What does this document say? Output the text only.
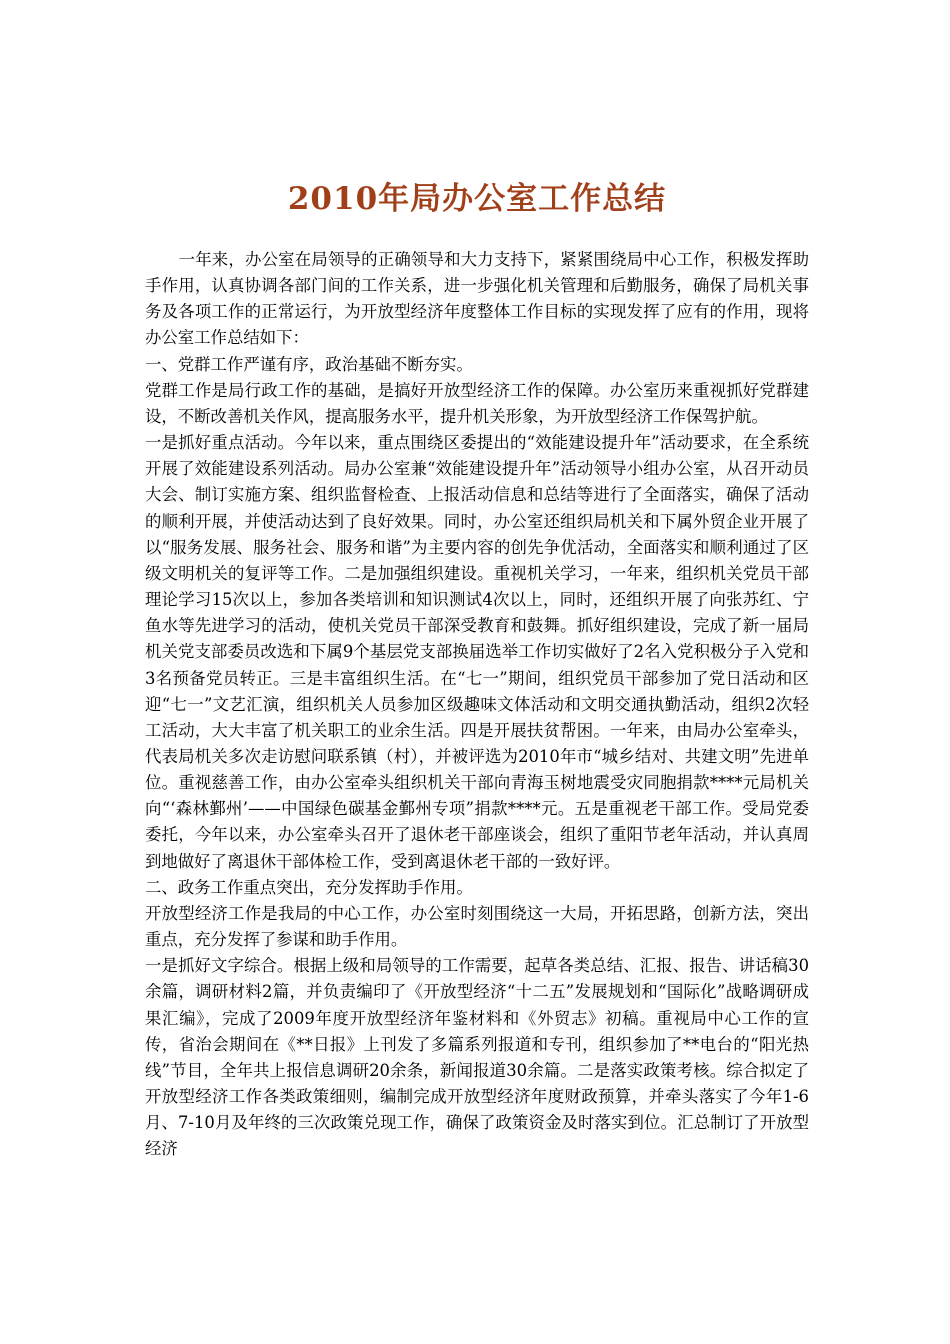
2010年局办公室工作总结

一年来，办公室在局领导的正确领导和大力支持下，紧紧围绕局中心工作，积极发挥助手作用，认真协调各部门间的工作关系，进一步强化机关管理和后勤服务，确保了局机关事务及各项工作的正常运行，为开放型经济年度整体工作目标的实现发挥了应有的作用，现将办公室工作总结如下：

一、党群工作严谨有序，政治基础不断夯实。

党群工作是局行政工作的基础，是搞好开放型经济工作的保障。办公室历来重视抓好党群建设，不断改善机关作风，提高服务水平，提升机关形象，为开放型经济工作保驾护航。

一是抓好重点活动。今年以来，重点围绕区委提出的“效能建设提升年”活动要求，在全系统开展了效能建设系列活动。局办公室兼“效能建设提升年”活动领导小组办公室，从召开动员大会、制订实施方案、组织监督检查、上报活动信息和总结等进行了全面落实，确保了活动的顺利开展，并使活动达到了良好效果。同时，办公室还组织局机关和下属外贸企业开展了以“服务发展、服务社会、服务和谐”为主要内容的创先争优活动，全面落实和顺利通过了区级文明机关的复评等工作。二是加强组织建设。重视机关学习，一年来，组织机关党员干部理论学习15次以上，参加各类培训和知识测试4次以上，同时，还组织开展了向张苏红、宁鱼水等先进学习的活动，使机关党员干部深受教育和鼓舞。抓好组织建设，完成了新一届局机关党支部委员改选和下属9个基层党支部换届选举工作切实做好了2名入党积极分子入党和3名预备党员转正。三是丰富组织生活。在“七一”期间，组织党员干部参加了党日活动和区迎“七一”文艺汇演，组织机关人员参加区级趣味文体活动和文明交通执勤活动，组织2次轻工活动，大大丰富了机关职工的业余生活。四是开展扶贫帮困。一年来，由局办公室牵头，代表局机关多次走访慰问联系镇（村），并被评选为2010年市“城乡结对、共建文明”先进单位。重视慈善工作，由办公室牵头组织机关干部向青海玉树地震受灾同胞捐款****元局机关向“‘森林鄞州’——中国绿色碳基金鄞州专项”捐款****元。五是重视老干部工作。受局党委委托，今年以来，办公室牵头召开了退休老干部座谈会，组织了重阳节老年活动，并认真周到地做好了离退休干部体检工作，受到离退休老干部的一致好评。

二、政务工作重点突出，充分发挥助手作用。

开放型经济工作是我局的中心工作，办公室时刻围绕这一大局，开拓思路，创新方法，突出重点，充分发挥了参谋和助手作用。

一是抓好文字综合。根据上级和局领导的工作需要，起草各类总结、汇报、报告、讲话稿30余篇，调研材料2篇，并负责编印了《开放型经济“十二五”发展规划和“国际化”战略调研成果汇编》，完成了2009年度开放型经济年鉴材料和《外贸志》初稿。重视局中心工作的宣传，省治会期间在《**日报》上刊发了多篇系列报道和专刊，组织参加了**电台的“阳光热线”节目，全年共上报信息调研20余条，新闻报道30余篇。二是落实政策考核。综合拟定了开放型经济工作各类政策细则，编制完成开放型经济年度财政预算，并牵头落实了今年1-6月、7-10月及年终的三次政策兑现工作，确保了政策资金及时落实到位。汇总制订了开放型经济
